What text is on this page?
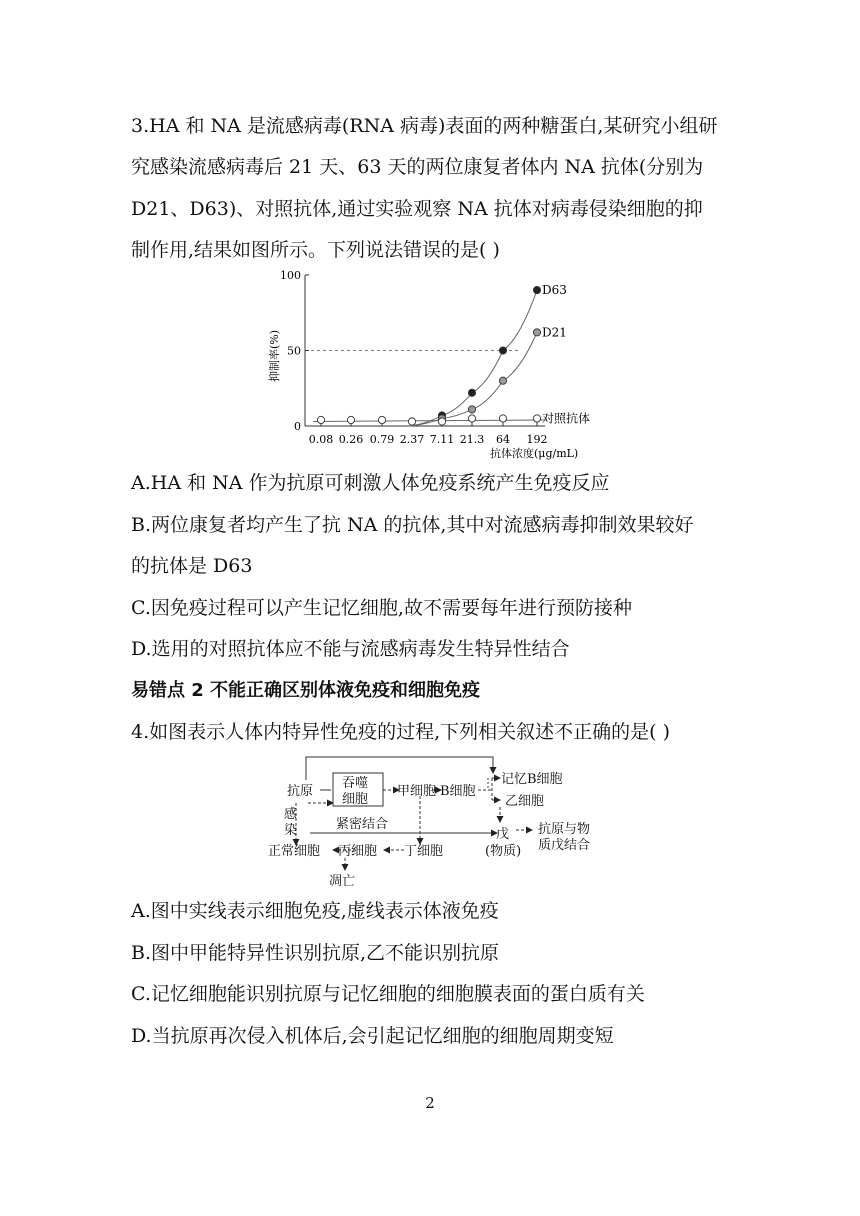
3.HA 和 NA 是流感病毒(RNA 病毒)表面的两种糖蛋白,某研究小组研
究感染流感病毒后 21 天、63 天的两位康复者体内 NA 抗体(分别为
D21、D63)、对照抗体,通过实验观察 NA 抗体对病毒侵染细胞的抑
制作用,结果如图所示。下列说法错误的是( )
0
50
100
0.08 0.26 0.79 2.37 7.11 21.3 64 192
抑制率(%)
抗体浓度(μg/mL)
D63
D21
对照抗体
A.HA 和 NA 作为抗原可刺激人体免疫系统产生免疫反应
B.两位康复者均产生了抗 NA 的抗体,其中对流感病毒抑制效果较好
的抗体是 D63
C.因免疫过程可以产生记忆细胞,故不需要每年进行预防接种
D.选用的对照抗体应不能与流感病毒发生特异性结合
易错点 2 不能正确区别体液免疫和细胞免疫
4.如图表示人体内特异性免疫的过程,下列相关叙述不正确的是( )
抗原
吞噬
细胞
甲细胞 B细胞
记忆B细胞
乙细胞
感
染	紧密结合
戊
(物质)
抗原与物
质戊结合
正常细胞 丙细胞 丁细胞
凋亡
A.图中实线表示细胞免疫,虚线表示体液免疫
B.图中甲能特异性识别抗原,乙不能识别抗原
C.记忆细胞能识别抗原与记忆细胞的细胞膜表面的蛋白质有关
D.当抗原再次侵入机体后,会引起记忆细胞的细胞周期变短
2
